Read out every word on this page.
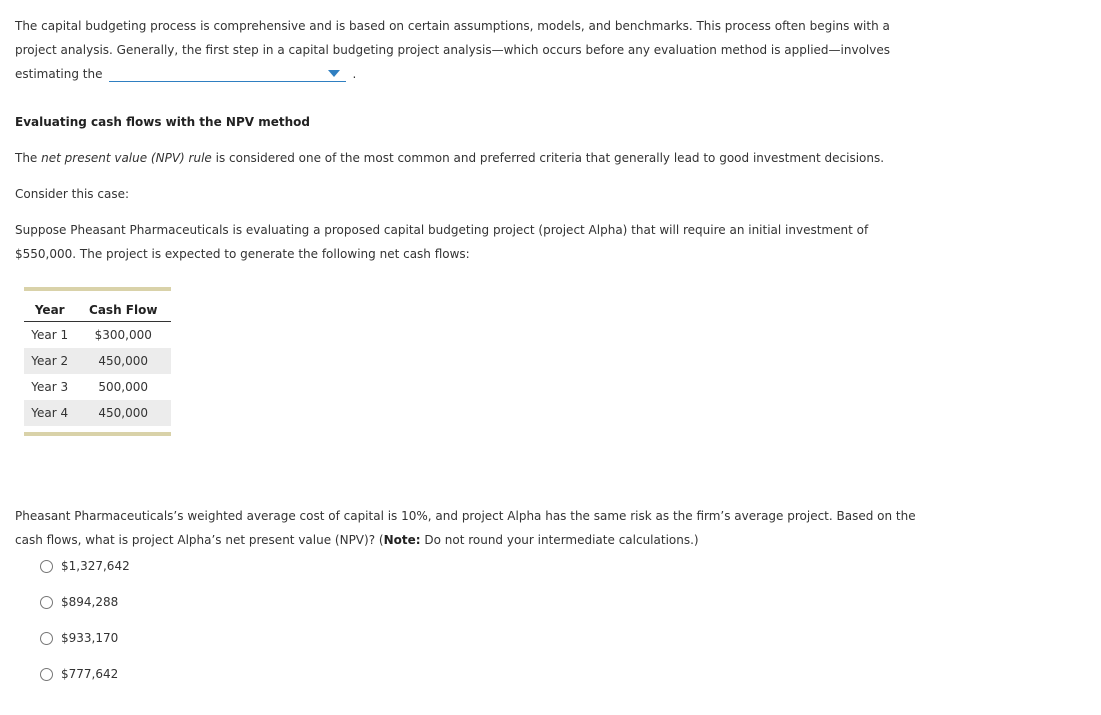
The capital budgeting process is comprehensive and is based on certain assumptions, models, and benchmarks. This process often begins with a project analysis. Generally, the first step in a capital budgeting project analysis—which occurs before any evaluation method is applied—involves estimating the	.

Evaluating cash flows with the NPV method

The net present value (NPV) rule is considered one of the most common and preferred criteria that generally lead to good investment decisions.

Consider this case:

Suppose Pheasant Pharmaceuticals is evaluating a proposed capital budgeting project (project Alpha) that will require an initial investment of $550,000. The project is expected to generate the following net cash flows:

Year	Cash Flow
Year 1	$300,000
Year 2	450,000
Year 3	500,000
Year 4	450,000

Pheasant Pharmaceuticals’s weighted average cost of capital is 10%, and project Alpha has the same risk as the firm’s average project. Based on the cash flows, what is project Alpha’s net present value (NPV)? (Note: Do not round your intermediate calculations.)

$1,327,642
$894,288
$933,170
$777,642
